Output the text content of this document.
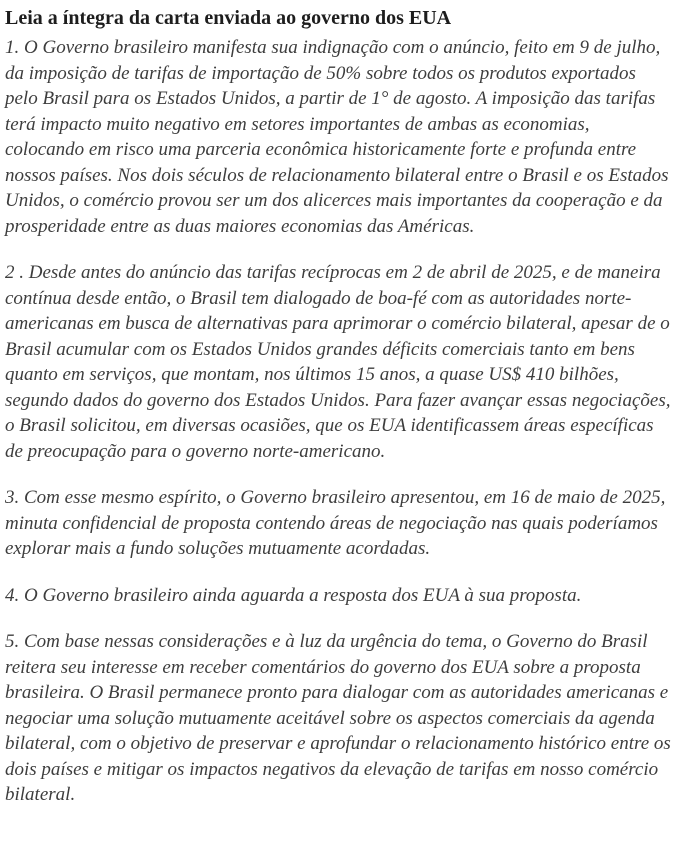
Leia a íntegra da carta enviada ao governo dos EUA

1. O Governo brasileiro manifesta sua indignação com o anúncio, feito em 9 de julho, da imposição de tarifas de importação de 50% sobre todos os produtos exportados pelo Brasil para os Estados Unidos, a partir de 1° de agosto. A imposição das tarifas terá impacto muito negativo em setores importantes de ambas as economias, colocando em risco uma parceria econômica historicamente forte e profunda entre nossos países. Nos dois séculos de relacionamento bilateral entre o Brasil e os Estados Unidos, o comércio provou ser um dos alicerces mais importantes da cooperação e da prosperidade entre as duas maiores economias das Américas.

2 . Desde antes do anúncio das tarifas recíprocas em 2 de abril de 2025, e de maneira contínua desde então, o Brasil tem dialogado de boa-fé com as autoridades norte-americanas em busca de alternativas para aprimorar o comércio bilateral, apesar de o Brasil acumular com os Estados Unidos grandes déficits comerciais tanto em bens quanto em serviços, que montam, nos últimos 15 anos, a quase US$ 410 bilhões, segundo dados do governo dos Estados Unidos. Para fazer avançar essas negociações, o Brasil solicitou, em diversas ocasiões, que os EUA identificassem áreas específicas de preocupação para o governo norte-americano.

3. Com esse mesmo espírito, o Governo brasileiro apresentou, em 16 de maio de 2025, minuta confidencial de proposta contendo áreas de negociação nas quais poderíamos explorar mais a fundo soluções mutuamente acordadas.

4. O Governo brasileiro ainda aguarda a resposta dos EUA à sua proposta.

5. Com base nessas considerações e à luz da urgência do tema, o Governo do Brasil reitera seu interesse em receber comentários do governo dos EUA sobre a proposta brasileira. O Brasil permanece pronto para dialogar com as autoridades americanas e negociar uma solução mutuamente aceitável sobre os aspectos comerciais da agenda bilateral, com o objetivo de preservar e aprofundar o relacionamento histórico entre os dois países e mitigar os impactos negativos da elevação de tarifas em nosso comércio bilateral.
